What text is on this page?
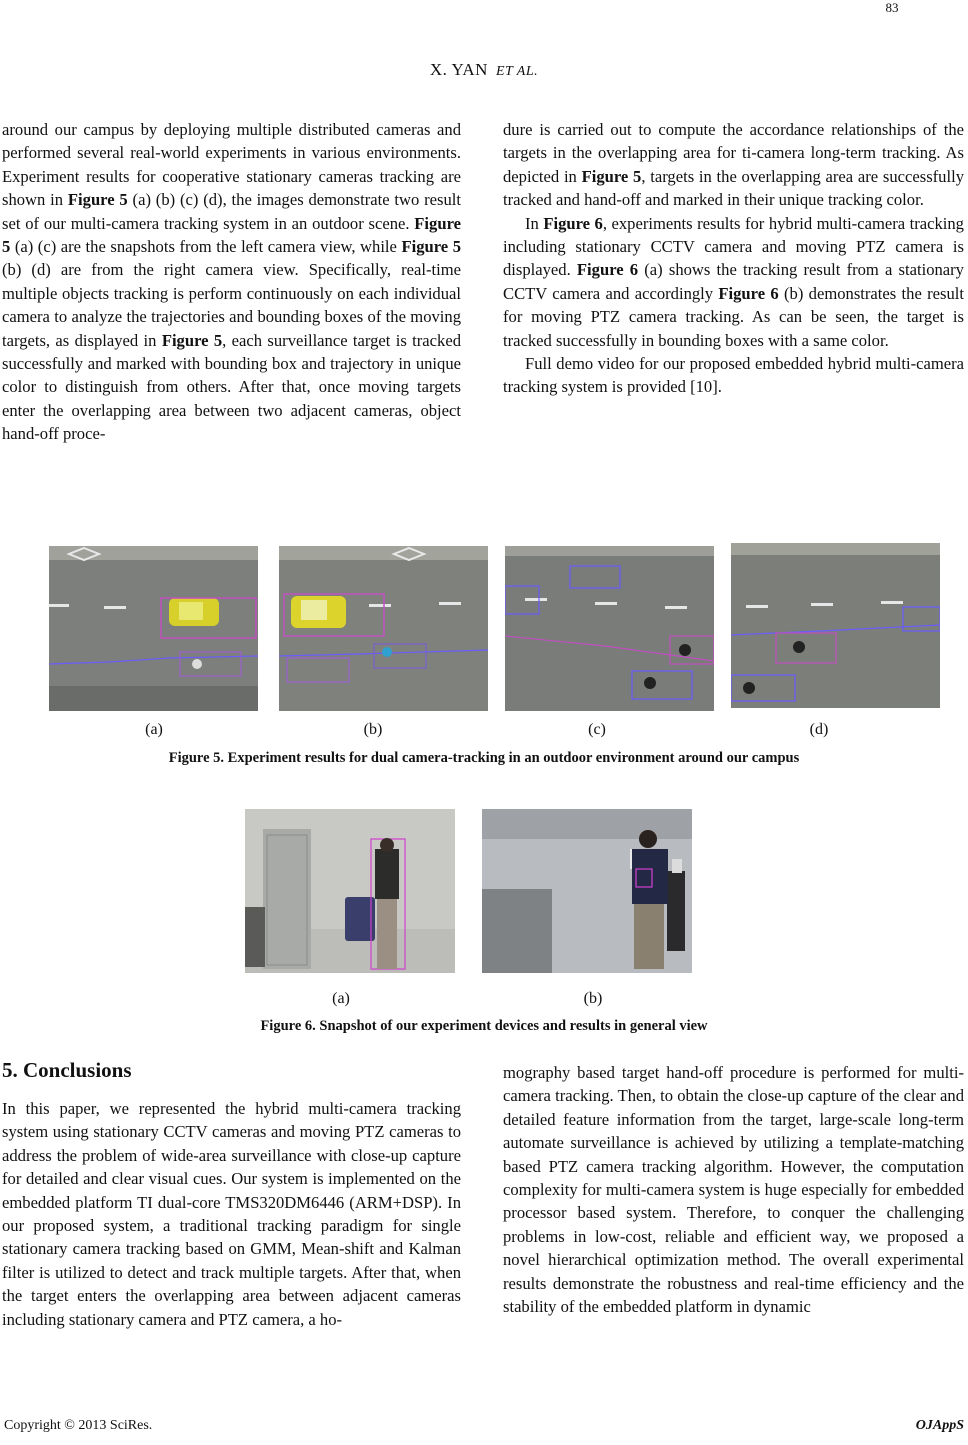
83
X. YAN ET AL.

around our campus by deploying multiple distributed cameras and performed several real-world experiments in various environments. Experiment results for cooperative stationary cameras tracking are shown in Figure 5 (a) (b) (c) (d), the images demonstrate two result set of our multi-camera tracking system in an outdoor scene. Figure 5 (a) (c) are the snapshots from the left camera view, while Figure 5 (b) (d) are from the right camera view. Specifically, real-time multiple objects tracking is perform continuously on each individual camera to analyze the trajectories and bounding boxes of the moving targets, as displayed in Figure 5, each surveillance target is tracked successfully and marked with bounding box and trajectory in unique color to distinguish from others. After that, once moving targets enter the overlapping area between two adjacent cameras, object hand-off proce-

dure is carried out to compute the accordance relationships of the targets in the overlapping area for ti-camera long-term tracking. As depicted in Figure 5, targets in the overlapping area are successfully tracked and hand-off and marked in their unique tracking color.

In Figure 6, experiments results for hybrid multi-camera tracking including stationary CCTV camera and moving PTZ camera is displayed. Figure 6 (a) shows the tracking result from a stationary CCTV camera and accordingly Figure 6 (b) demonstrates the result for moving PTZ camera tracking. As can be seen, the target is tracked successfully in bounding boxes with a same color.

Full demo video for our proposed embedded hybrid multi-camera tracking system is provided [10].

(a)	(b)	(c)	(d)
Figure 5. Experiment results for dual camera-tracking in an outdoor environment around our campus
(a)	(b)
Figure 6. Snapshot of our experiment devices and results in general view
5. Conclusions

In this paper, we represented the hybrid multi-camera tracking system using stationary CCTV cameras and moving PTZ cameras to address the problem of wide-area surveillance with close-up capture for detailed and clear visual cues. Our system is implemented on the embedded platform TI dual-core TMS320DM6446 (ARM+DSP). In our proposed system, a traditional tracking paradigm for single stationary camera tracking based on GMM, Mean-shift and Kalman filter is utilized to detect and track multiple targets. After that, when the target enters the overlapping area between adjacent cameras including stationary camera and PTZ camera, a ho-

mography based target hand-off procedure is performed for multi-camera tracking. Then, to obtain the close-up capture of the clear and detailed feature information from the target, large-scale long-term automate surveillance is achieved by utilizing a template-matching based PTZ camera tracking algorithm. However, the computation complexity for multi-camera system is huge especially for embedded processor based system. Therefore, to conquer the challenging problems in low-cost, reliable and efficient way, we proposed a novel hierarchical optimization method. The overall experimental results demonstrate the robustness and real-time efficiency and the stability of the embedded platform in dynamic

Copyright © 2013 SciRes.	OJAppS
